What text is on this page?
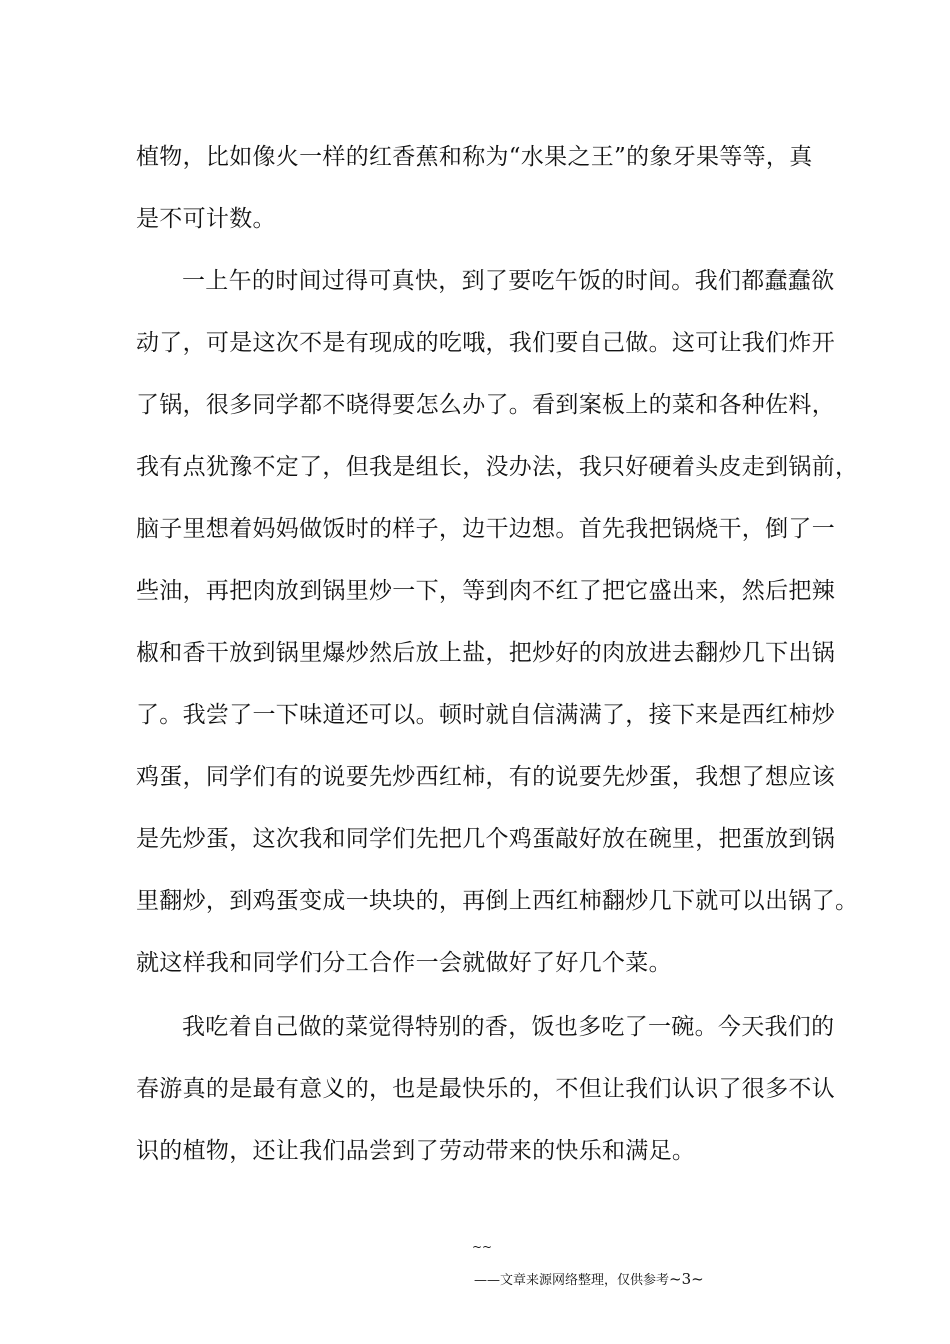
植物，比如像火一样的红香蕉和称为“水果之王”的象牙果等等，真
是不可计数。
一上午的时间过得可真快，到了要吃午饭的时间。我们都蠢蠢欲
动了，可是这次不是有现成的吃哦，我们要自己做。这可让我们炸开
了锅，很多同学都不晓得要怎么办了。看到案板上的菜和各种佐料，
我有点犹豫不定了，但我是组长，没办法，我只好硬着头皮走到锅前，
脑子里想着妈妈做饭时的样子，边干边想。首先我把锅烧干，倒了一
些油，再把肉放到锅里炒一下，等到肉不红了把它盛出来，然后把辣
椒和香干放到锅里爆炒然后放上盐，把炒好的肉放进去翻炒几下出锅
了。我尝了一下味道还可以。顿时就自信满满了，接下来是西红柿炒
鸡蛋，同学们有的说要先炒西红柿，有的说要先炒蛋，我想了想应该
是先炒蛋，这次我和同学们先把几个鸡蛋敲好放在碗里，把蛋放到锅
里翻炒，到鸡蛋变成一块块的，再倒上西红柿翻炒几下就可以出锅了。
就这样我和同学们分工合作一会就做好了好几个菜。
我吃着自己做的菜觉得特别的香，饭也多吃了一碗。今天我们的
春游真的是最有意义的，也是最快乐的，不但让我们认识了很多不认
识的植物，还让我们品尝到了劳动带来的快乐和满足。
~~
——文章来源网络整理，仅供参考~3~
